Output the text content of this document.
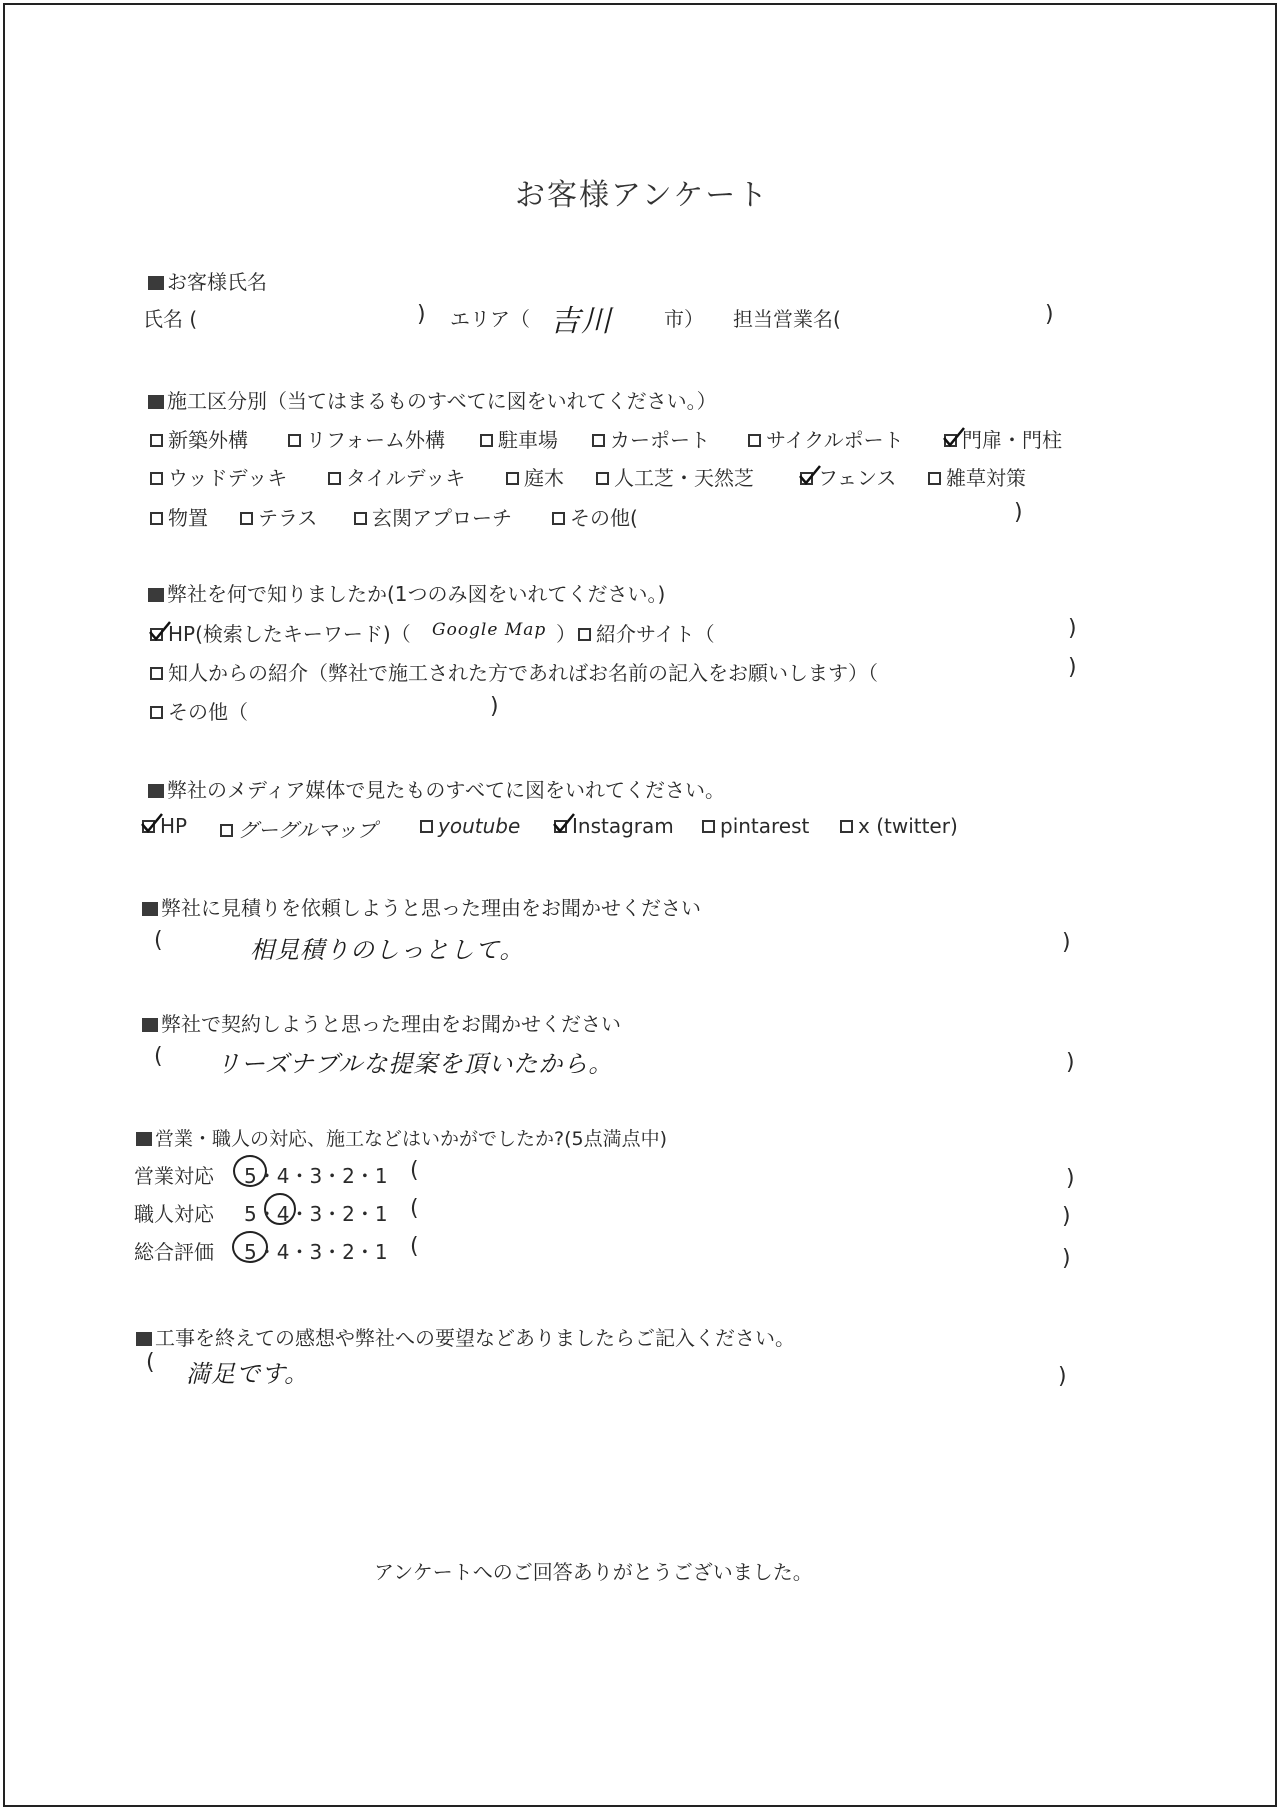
お客様アンケート
お客様氏名
氏名 (	) エリア（ 吉川	市） 担当営業名(	)
施工区分別（当てはまるものすべてに図をいれてください。）
新築外構	リフォーム外構	駐車場	カーポート	サイクルポート	門扉・門柱
ウッドデッキ	タイルデッキ	庭木	人工芝・天然芝	フェンス	雑草対策
物置	テラス	玄関アプローチ	その他(	)
弊社を何で知りましたか(1つのみ図をいれてください。)
HP(検索したキーワード)（ Google Map ）	紹介サイト（	)
知人からの紹介（弊社で施工された方であればお名前の記入をお願いします）（	)
その他（	)
弊社のメディア媒体で見たものすべてに図をいれてください。
HP	グーグルマップ	youtube	Instagram	pintarest	x (twitter)
弊社に見積りを依頼しようと思った理由をお聞かせください
(	相見積りのしっとして。	)
弊社で契約しようと思った理由をお聞かせください
( リーズナブルな提案を頂いたから。	)
営業・職人の対応、施工などはいかがでしたか?(5点満点中)
営業対応 5・4・3・2・1 (	)
職人対応 5・4・3・2・1 (	)
総合評価 5・4・3・2・1 (	)
工事を終えての感想や弊社への要望などありましたらご記入ください。
( 満足です。	)
アンケートへのご回答ありがとうございました。
